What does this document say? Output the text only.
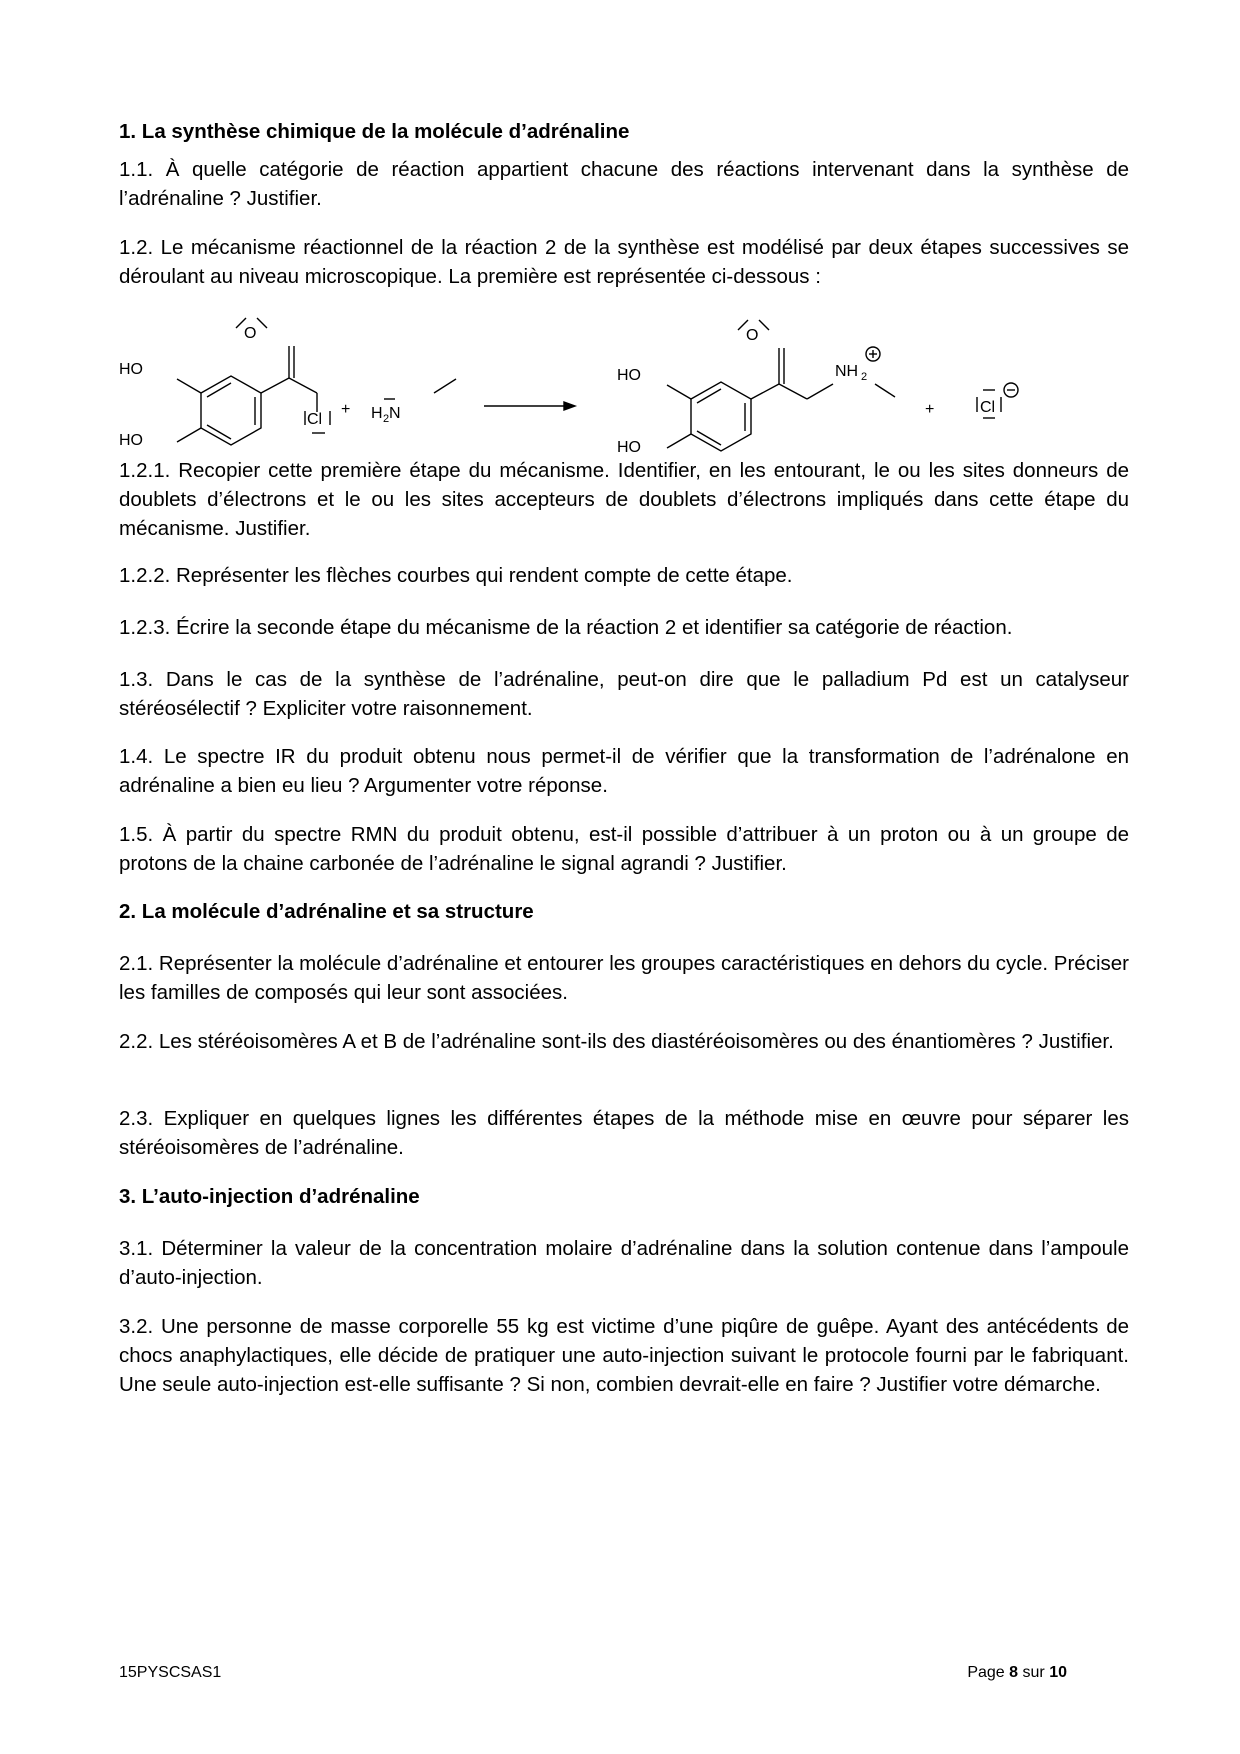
1. La synthèse chimique de la molécule d’adrénaline

1.1. À quelle catégorie de réaction appartient chacune des réactions intervenant dans la synthèse de l’adrénaline ? Justifier.

1.2. Le mécanisme réactionnel de la réaction 2 de la synthèse est modélisé par deux étapes successives se déroulant au niveau microscopique. La première est représentée ci-dessous :

HO
HO
Cl
+ H 2 N
HO
HO
NH 2
+	Cl
O	O

1.2.1. Recopier cette première étape du mécanisme. Identifier, en les entourant, le ou les sites donneurs de doublets d’électrons et le ou les sites accepteurs de doublets d’électrons impliqués dans cette étape du mécanisme. Justifier.

1.2.2. Représenter les flèches courbes qui rendent compte de cette étape.

1.2.3. Écrire la seconde étape du mécanisme de la réaction 2 et identifier sa catégorie de réaction.

1.3. Dans le cas de la synthèse de l’adrénaline, peut-on dire que le palladium Pd est un catalyseur stéréosélectif ? Expliciter votre raisonnement.

1.4. Le spectre IR du produit obtenu nous permet-il de vérifier que la transformation de l’adrénalone en adrénaline a bien eu lieu ? Argumenter votre réponse.

1.5. À partir du spectre RMN du produit obtenu, est-il possible d’attribuer à un proton ou à un groupe de protons de la chaine carbonée de l’adrénaline le signal agrandi ? Justifier.

2. La molécule d’adrénaline et sa structure

2.1. Représenter la molécule d’adrénaline et entourer les groupes caractéristiques en dehors du cycle. Préciser les familles de composés qui leur sont associées.

2.2. Les stéréoisomères A et B de l’adrénaline sont-ils des diastéréoisomères ou des énantiomères ? Justifier.

2.3. Expliquer en quelques lignes les différentes étapes de la méthode mise en œuvre pour séparer les stéréoisomères de l’adrénaline.

3. L’auto-injection d’adrénaline

3.1. Déterminer la valeur de la concentration molaire d’adrénaline dans la solution contenue dans l’ampoule d’auto-injection.

3.2. Une personne de masse corporelle 55 kg est victime d’une piqûre de guêpe. Ayant des antécédents de chocs anaphylactiques, elle décide de pratiquer une auto-injection suivant le protocole fourni par le fabriquant. Une seule auto-injection est-elle suffisante ? Si non, combien devrait-elle en faire ? Justifier votre démarche.

15PYSCSAS1	Page 8 sur 10
